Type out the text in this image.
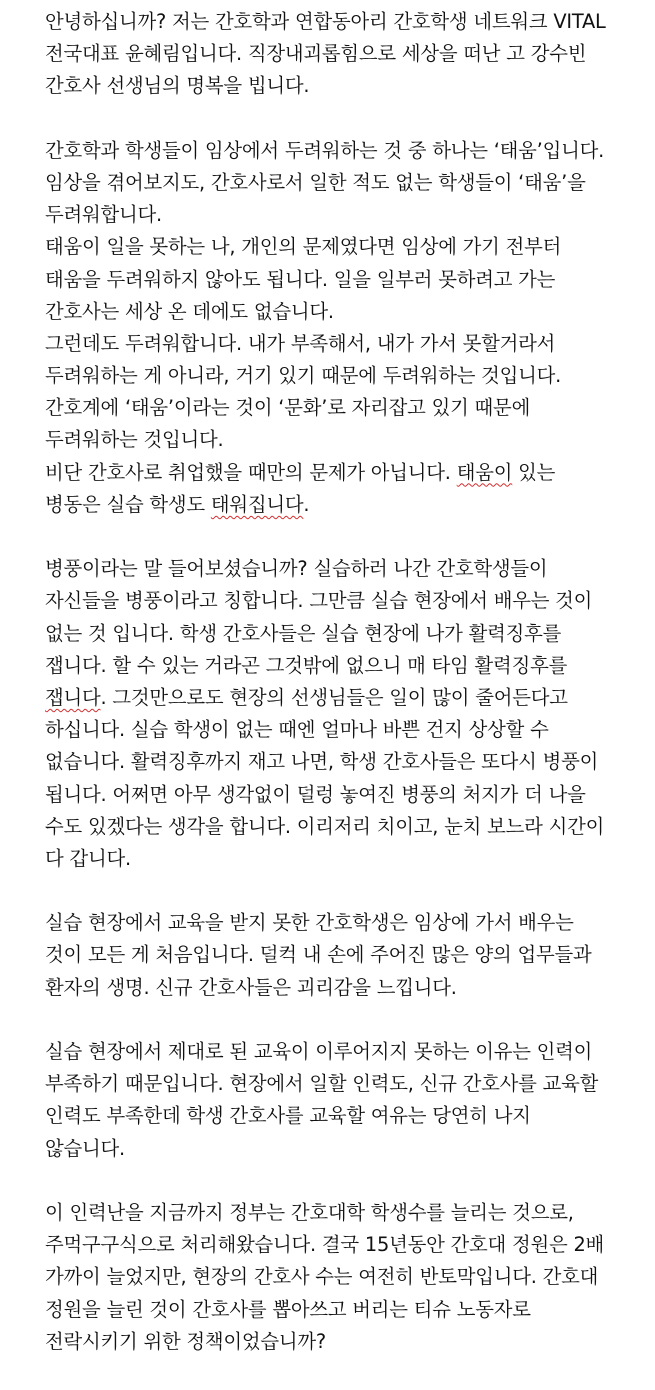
안녕하십니까? 저는 간호학과 연합동아리 간호학생 네트워크 VITAL
전국대표 윤혜림입니다. 직장내괴롭힘으로 세상을 떠난 고 강수빈
간호사 선생님의 명복을 빕니다.
간호학과 학생들이 임상에서 두려워하는 것 중 하나는 ‘태움’입니다.
임상을 겪어보지도, 간호사로서 일한 적도 없는 학생들이 ‘태움’을
두려워합니다.
태움이 일을 못하는 나, 개인의 문제였다면 임상에 가기 전부터
태움을 두려워하지 않아도 됩니다. 일을 일부러 못하려고 가는
간호사는 세상 온 데에도 없습니다.
그런데도 두려워합니다. 내가 부족해서, 내가 가서 못할거라서
두려워하는 게 아니라, 거기 있기 때문에 두려워하는 것입니다.
간호계에 ‘태움’이라는 것이 ‘문화’로 자리잡고 있기 때문에
두려워하는 것입니다.
비단 간호사로 취업했을 때만의 문제가 아닙니다. 태움이 있는
병동은 실습 학생도 태워집니다.
병풍이라는 말 들어보셨습니까? 실습하러 나간 간호학생들이
자신들을 병풍이라고 칭합니다. 그만큼 실습 현장에서 배우는 것이
없는 것 입니다. 학생 간호사들은 실습 현장에 나가 활력징후를
잽니다. 할 수 있는 거라곤 그것밖에 없으니 매 타임 활력징후를
잽니다. 그것만으로도 현장의 선생님들은 일이 많이 줄어든다고
하십니다. 실습 학생이 없는 때엔 얼마나 바쁜 건지 상상할 수
없습니다. 활력징후까지 재고 나면, 학생 간호사들은 또다시 병풍이
됩니다. 어쩌면 아무 생각없이 덜렁 놓여진 병풍의 처지가 더 나을
수도 있겠다는 생각을 합니다. 이리저리 치이고, 눈치 보느라 시간이
다 갑니다.
실습 현장에서 교육을 받지 못한 간호학생은 임상에 가서 배우는
것이 모든 게 처음입니다. 덜컥 내 손에 주어진 많은 양의 업무들과
환자의 생명. 신규 간호사들은 괴리감을 느낍니다.
실습 현장에서 제대로 된 교육이 이루어지지 못하는 이유는 인력이
부족하기 때문입니다. 현장에서 일할 인력도, 신규 간호사를 교육할
인력도 부족한데 학생 간호사를 교육할 여유는 당연히 나지
않습니다.
이 인력난을 지금까지 정부는 간호대학 학생수를 늘리는 것으로,
주먹구구식으로 처리해왔습니다. 결국 15년동안 간호대 정원은 2배
가까이 늘었지만, 현장의 간호사 수는 여전히 반토막입니다. 간호대
정원을 늘린 것이 간호사를 뽑아쓰고 버리는 티슈 노동자로
전락시키기 위한 정책이었습니까?
